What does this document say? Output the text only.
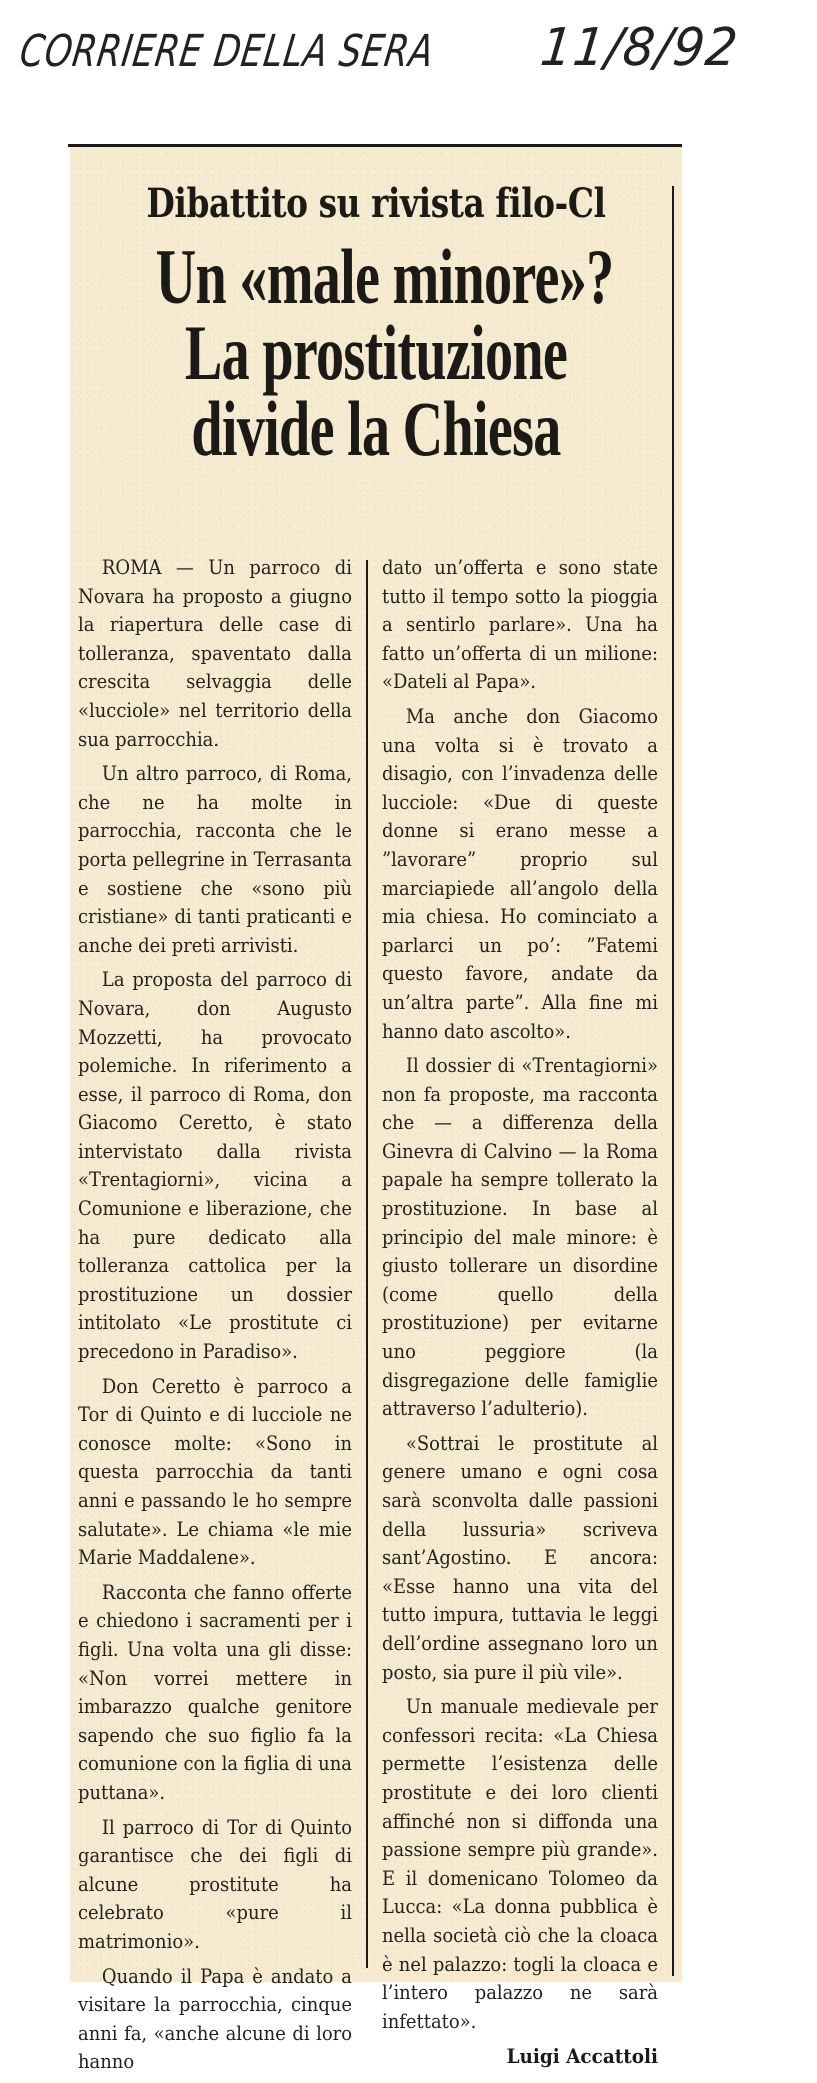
CORRIERE DELLA SERA 11/8/92
Dibattito su rivista filo-Cl
Un «male minore»?
La prostituzione
divide la Chiesa

ROMA — Un parroco di Novara ha proposto a giugno la riapertura delle case di tolleranza, spaventato dalla crescita selvaggia delle «lucciole» nel territorio della sua parrocchia.

Un altro parroco, di Roma, che ne ha molte in parrocchia, racconta che le porta pellegrine in Terrasanta e sostiene che «sono più cristiane» di tanti praticanti e anche dei preti arrivisti.

La proposta del parroco di Novara, don Augusto Mozzetti, ha provocato polemiche. In riferimento a esse, il parroco di Roma, don Giacomo Ceretto, è stato intervistato dalla rivista «Trentagiorni», vicina a Comunione e liberazione, che ha pure dedicato alla tolleranza cattolica per la prostituzione un dossier intitolato «Le prostitute ci precedono in Paradiso».

Don Ceretto è parroco a Tor di Quinto e di lucciole ne conosce molte: «Sono in questa parrocchia da tanti anni e passando le ho sempre salutate». Le chiama «le mie Marie Maddalene».

Racconta che fanno offerte e chiedono i sacramenti per i figli. Una volta una gli disse: «Non vorrei mettere in imbarazzo qualche genitore sapendo che suo figlio fa la comunione con la figlia di una puttana».

Il parroco di Tor di Quinto garantisce che dei figli di alcune prostitute ha celebrato «pure il matrimonio».

Quando il Papa è andato a visitare la parrocchia, cinque anni fa, «anche alcune di loro hanno

dato un’offerta e sono state tutto il tempo sotto la pioggia a sentirlo parlare». Una ha fatto un’offerta di un milione: «Dateli al Papa».

Ma anche don Giacomo una volta si è trovato a disagio, con l’invadenza delle lucciole: «Due di queste donne si erano messe a ”lavorare” proprio sul marciapiede all’angolo della mia chiesa. Ho cominciato a parlarci un po’: ”Fatemi questo favore, andate da un’altra parte”. Alla fine mi hanno dato ascolto».

Il dossier di «Trentagiorni» non fa proposte, ma racconta che — a differenza della Ginevra di Calvino — la Roma papale ha sempre tollerato la prostituzione. In base al principio del male minore: è giusto tollerare un disordine (come quello della prostituzione) per evitarne uno peggiore (la disgregazione delle famiglie attraverso l’adulterio).

«Sottrai le prostitute al genere umano e ogni cosa sarà sconvolta dalle passioni della lussuria» scriveva sant’Agostino. E ancora: «Esse hanno una vita del tutto impura, tuttavia le leggi dell’ordine assegnano loro un posto, sia pure il più vile».

Un manuale medievale per confessori recita: «La Chiesa permette l’esistenza delle prostitute e dei loro clienti affinché non si diffonda una passione sempre più grande». E il domenicano Tolomeo da Lucca: «La donna pubblica è nella società ciò che la cloaca è nel palazzo: togli la cloaca e l’intero palazzo ne sarà infettato».

Luigi Accattoli
